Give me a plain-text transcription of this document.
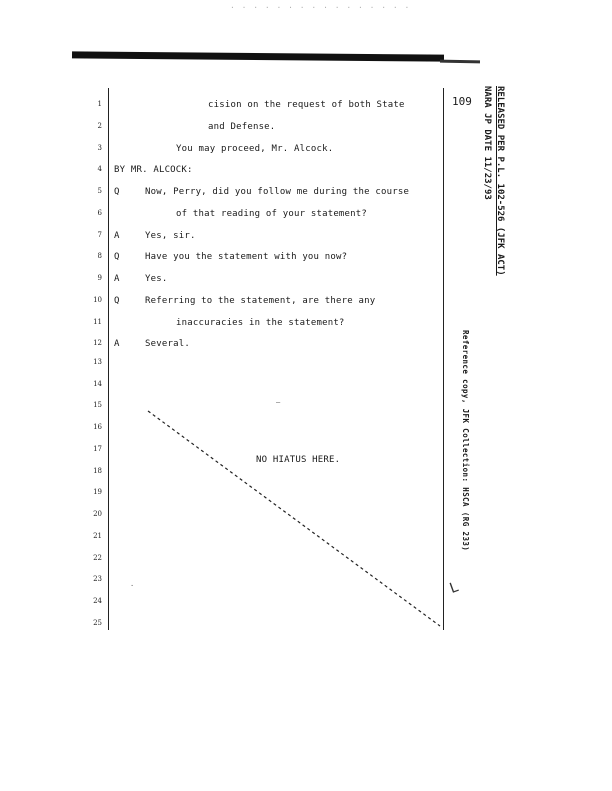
· · · · · · · · · · · · · · · ·
109	RELEASED PER P.L. 102-526 (JFK ACT)
NARA JP DATE 11/23/93
Reference copy, JFK Collection: HSCA (RG 233)
1
2
3
4
5
6
7
8
9
10
11
12
13
14
15
16
17
18
19
20
21
22
23
24
25
cision on the request of both State
and Defense.
You may proceed, Mr. Alcock.
BY MR. ALCOCK:
Q	Now, Perry, did you follow me during the course
of that reading of your statement?
A	Yes, sir.
Q	Have you the statement with you now?
A	Yes.
Q	Referring to the statement, are there any
inaccuracies in the statement?
A	Several.
NO HIATUS HERE.
—
·	L
